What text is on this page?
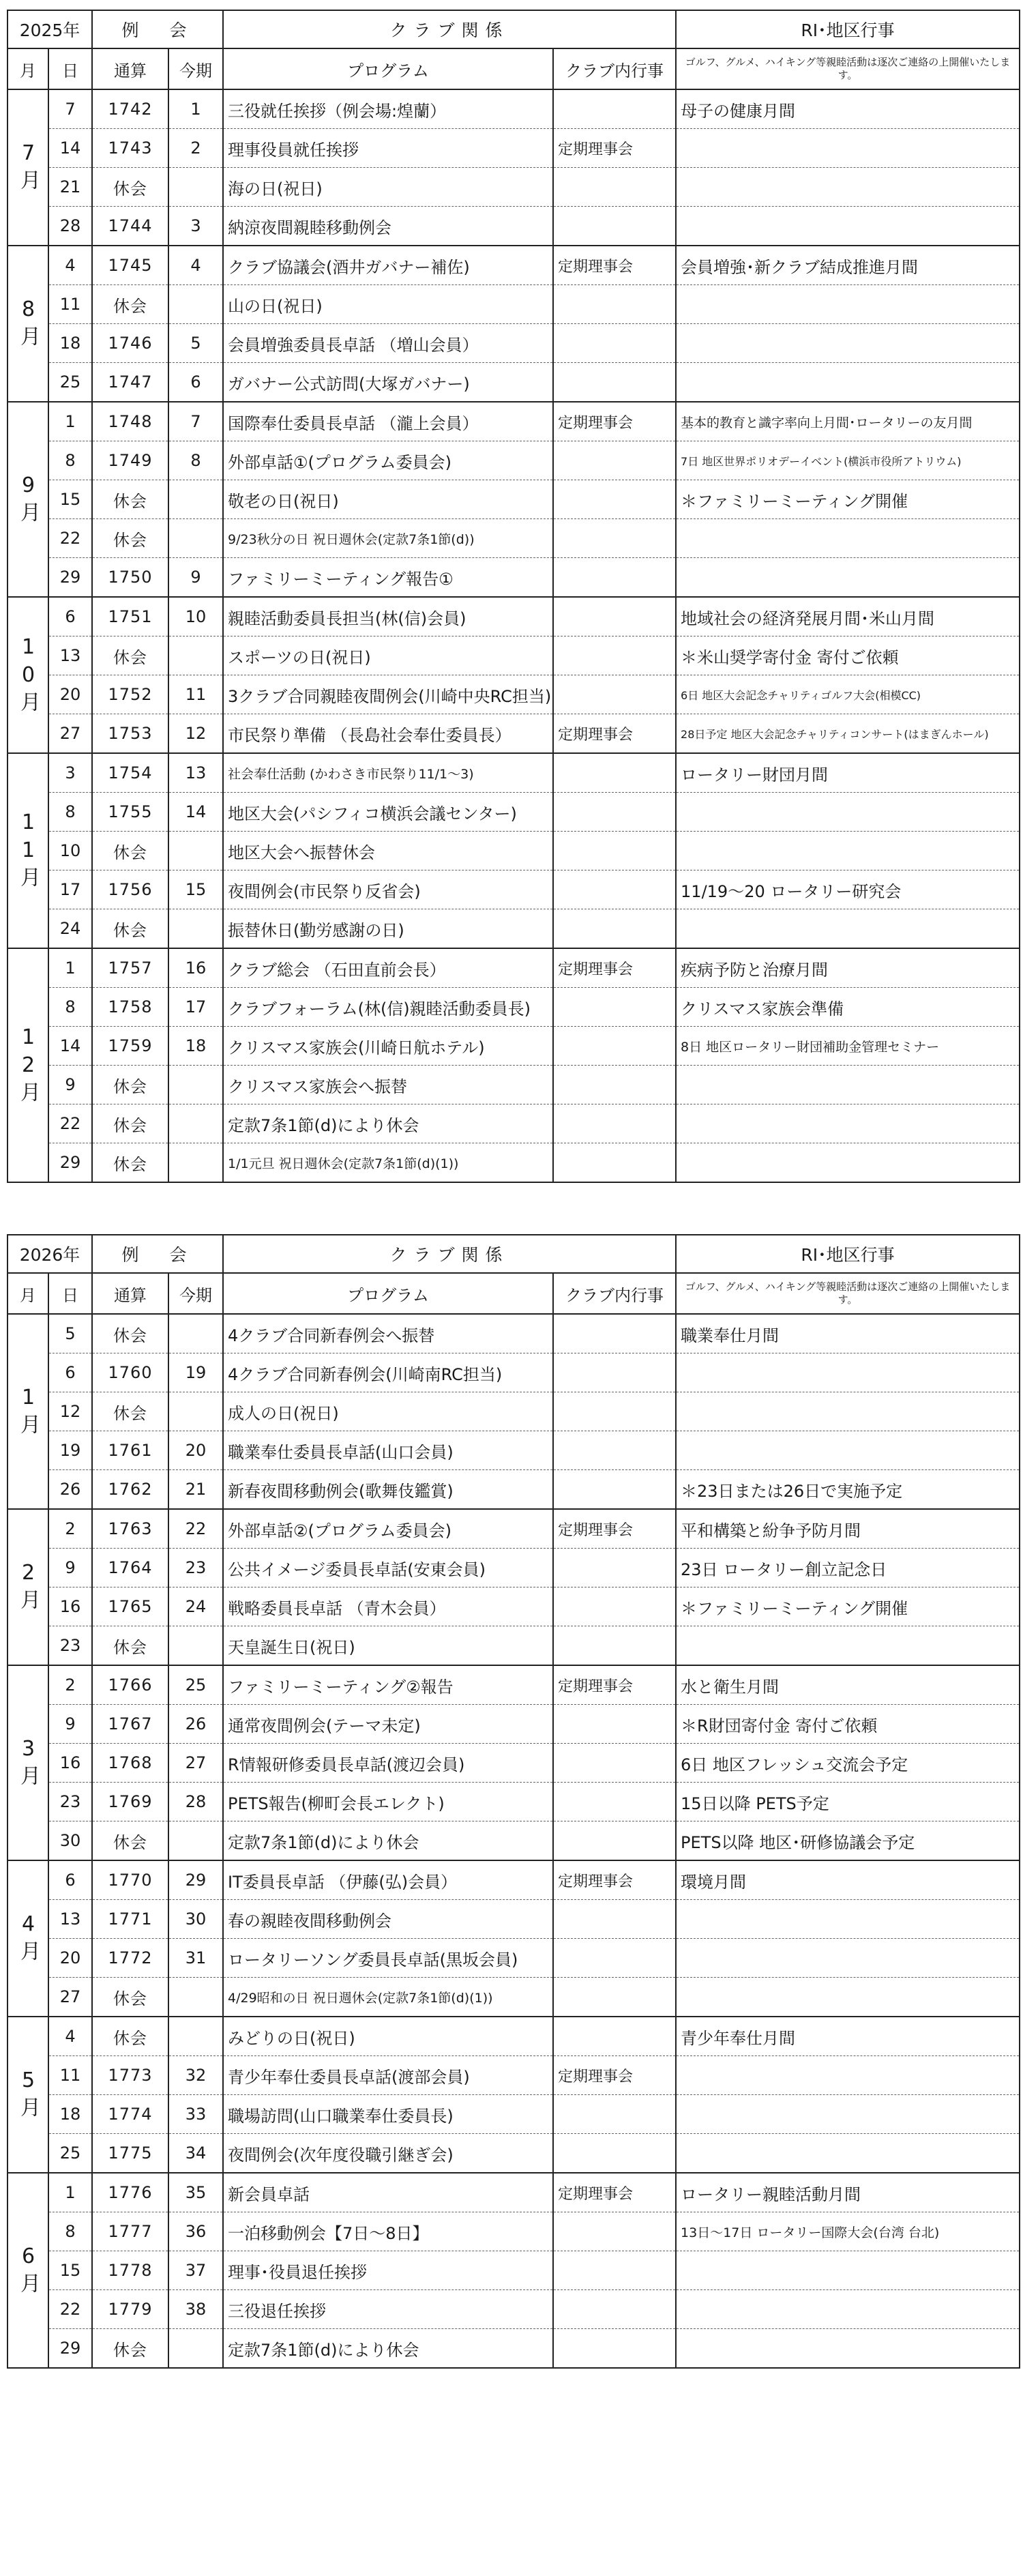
2025年		例　会		クラブ関係		RI･地区行事
月	日	通算	今期	プログラム	クラブ内行事	ゴルフ、グルメ、ハイキング等親睦活動は逐次ご連絡の上開催いたします。
7月	7	1742	1	三役就任挨拶（例会場:煌蘭）		母子の健康月間
	14	1743	2	理事役員就任挨拶	定期理事会	
	21	休会		海の日(祝日)		
	28	1744	3	納涼夜間親睦移動例会		
8月	4	1745	4	クラブ協議会(酒井ガバナー補佐)	定期理事会	会員増強･新クラブ結成推進月間
	11	休会		山の日(祝日)		
	18	1746	5	会員増強委員長卓話 （増山会員）		
	25	1747	6	ガバナー公式訪問(大塚ガバナー)		
9月	1	1748	7	国際奉仕委員長卓話 （瀧上会員）	定期理事会	基本的教育と識字率向上月間･ロータリーの友月間
	8	1749	8	外部卓話①(プログラム委員会)		7日 地区世界ポリオデーイベント(横浜市役所アトリウム)
	15	休会		敬老の日(祝日)		＊ファミリーミーティング開催
	22	休会		9/23秋分の日 祝日週休会(定款7条1節(d))		
	29	1750	9	ファミリーミーティング報告①		
10月	6	1751	10	親睦活動委員長担当(林(信)会員)		地域社会の経済発展月間･米山月間
	13	休会		スポーツの日(祝日)		＊米山奨学寄付金 寄付ご依頼
	20	1752	11	3クラブ合同親睦夜間例会(川崎中央RC担当)		6日 地区大会記念チャリティゴルフ大会(相模CC)
	27	1753	12	市民祭り準備 （長島社会奉仕委員長）	定期理事会	28日予定 地区大会記念チャリティコンサート(はまぎんホール)
11月	3	1754	13	社会奉仕活動 (かわさき市民祭り11/1～3)		ロータリー財団月間
	8	1755	14	地区大会(パシフィコ横浜会議センター)		
	10	休会		地区大会へ振替休会		
	17	1756	15	夜間例会(市民祭り反省会)		11/19～20 ロータリー研究会
	24	休会		振替休日(勤労感謝の日)		
12月	1	1757	16	クラブ総会 （石田直前会長）	定期理事会	疾病予防と治療月間
	8	1758	17	クラブフォーラム(林(信)親睦活動委員長)		クリスマス家族会準備
	14	1759	18	クリスマス家族会(川崎日航ホテル)		8日 地区ロータリー財団補助金管理セミナー
	9	休会		クリスマス家族会へ振替		
	22	休会		定款7条1節(d)により休会		
	29	休会		1/1元旦 祝日週休会(定款7条1節(d)(1))		
2026年		例　会		クラブ関係		RI･地区行事
月	日	通算	今期	プログラム	クラブ内行事	ゴルフ、グルメ、ハイキング等親睦活動は逐次ご連絡の上開催いたします。
1月	5	休会		4クラブ合同新春例会へ振替		職業奉仕月間
	6	1760	19	4クラブ合同新春例会(川崎南RC担当)		
	12	休会		成人の日(祝日)		
	19	1761	20	職業奉仕委員長卓話(山口会員)		
	26	1762	21	新春夜間移動例会(歌舞伎鑑賞)		＊23日または26日で実施予定
2月	2	1763	22	外部卓話②(プログラム委員会)	定期理事会	平和構築と紛争予防月間
	9	1764	23	公共イメージ委員長卓話(安東会員)		23日 ロータリー創立記念日
	16	1765	24	戦略委員長卓話 （青木会員）		＊ファミリーミーティング開催
	23	休会		天皇誕生日(祝日)		
3月	2	1766	25	ファミリーミーティング②報告	定期理事会	水と衛生月間
	9	1767	26	通常夜間例会(テーマ未定)		＊R財団寄付金 寄付ご依頼
	16	1768	27	R情報研修委員長卓話(渡辺会員)		6日 地区フレッシュ交流会予定
	23	1769	28	PETS報告(柳町会長エレクト)		15日以降 PETS予定
	30	休会		定款7条1節(d)により休会		PETS以降 地区･研修協議会予定
4月	6	1770	29	IT委員長卓話 （伊藤(弘)会員）	定期理事会	環境月間
	13	1771	30	春の親睦夜間移動例会		
	20	1772	31	ロータリーソング委員長卓話(黒坂会員)		
	27	休会		4/29昭和の日 祝日週休会(定款7条1節(d)(1))		
5月	4	休会		みどりの日(祝日)		青少年奉仕月間
	11	1773	32	青少年奉仕委員長卓話(渡部会員)	定期理事会	
	18	1774	33	職場訪問(山口職業奉仕委員長)		
	25	1775	34	夜間例会(次年度役職引継ぎ会)		
6月	1	1776	35	新会員卓話	定期理事会	ロータリー親睦活動月間
	8	1777	36	一泊移動例会【7日～8日】		13日～17日 ロータリー国際大会(台湾 台北)
	15	1778	37	理事･役員退任挨拶		
	22	1779	38	三役退任挨拶		
	29	休会		定款7条1節(d)により休会		
